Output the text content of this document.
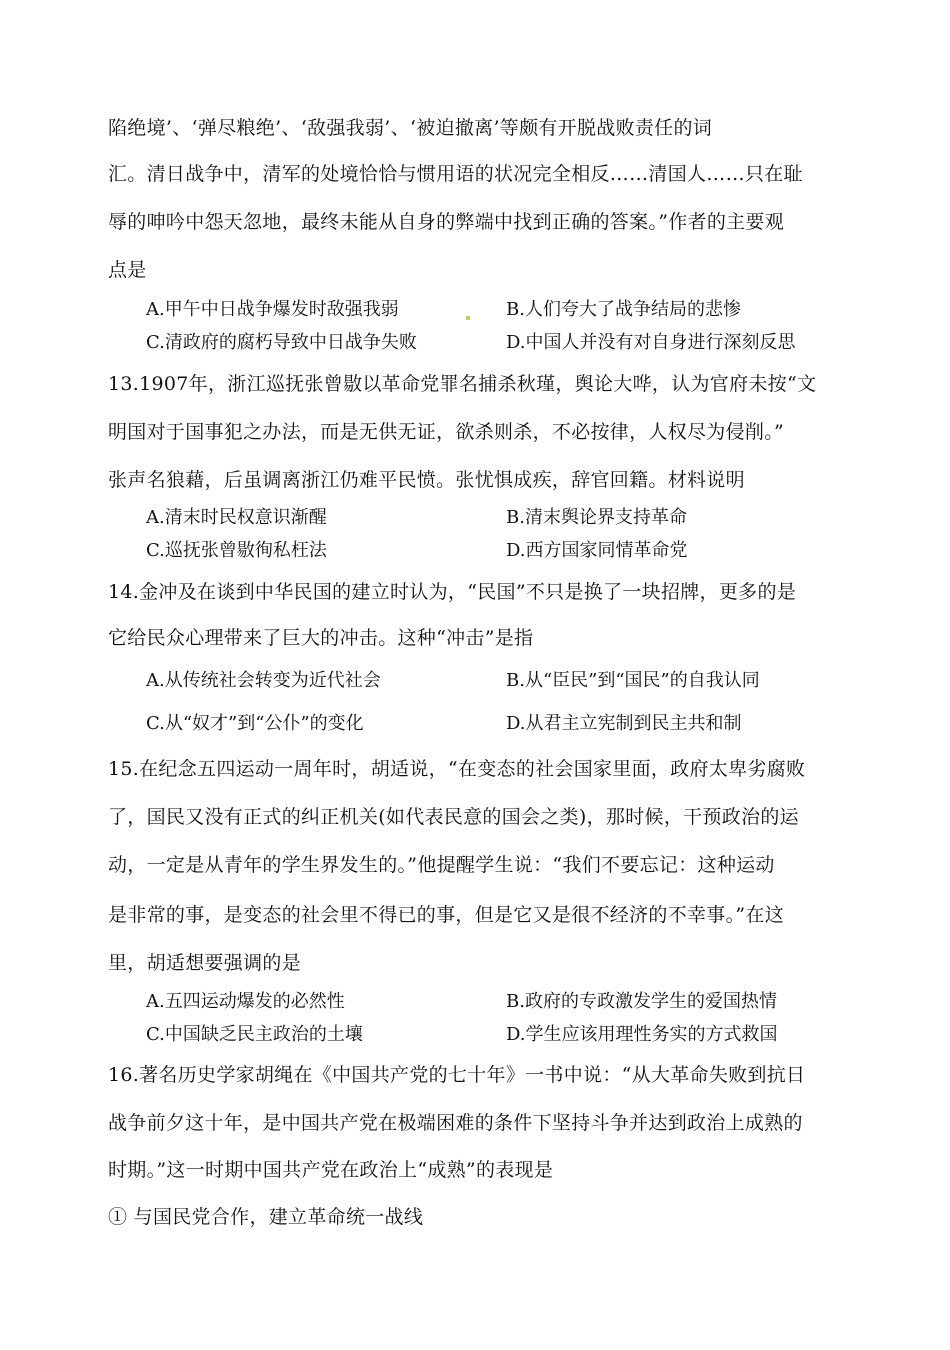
陷绝境’、‘弹尽粮绝’、‘敌强我弱’、‘被迫撤离’等颇有开脱战败责任的词
汇。清日战争中，清军的处境恰恰与惯用语的状况完全相反……清国人……只在耻
辱的呻吟中怨天忽地，最终未能从自身的弊端中找到正确的答案。”作者的主要观
点是
A.甲午中日战争爆发时敌强我弱	B.人们夸大了战争结局的悲惨
C.清政府的腐朽导致中日战争失败	D.中国人并没有对自身进行深刻反思
13.1907年，浙江巡抚张曾敭以革命党罪名捕杀秋瑾，舆论大哗，认为官府未按“文
明国对于国事犯之办法，而是无供无证，欲杀则杀，不必按律，人权尽为侵削。”
张声名狼藉，后虽调离浙江仍难平民愤。张忧惧成疾，辞官回籍。材料说明
A.清末时民权意识渐醒	B.清末舆论界支持革命
C.巡抚张曾敭徇私枉法	D.西方国家同情革命党
14.金冲及在谈到中华民国的建立时认为，“民国”不只是换了一块招牌，更多的是
它给民众心理带来了巨大的冲击。这种“冲击”是指
A.从传统社会转变为近代社会	B.从“臣民”到“国民”的自我认同
C.从“奴才”到“公仆”的变化	D.从君主立宪制到民主共和制
15.在纪念五四运动一周年时，胡适说，“在变态的社会国家里面，政府太卑劣腐败
了，国民又没有正式的纠正机关(如代表民意的国会之类)，那时候，干预政治的运
动，一定是从青年的学生界发生的。”他提醒学生说：“我们不要忘记：这种运动
是非常的事，是变态的社会里不得已的事，但是它又是很不经济的不幸事。”在这
里，胡适想要强调的是
A.五四运动爆发的必然性	B.政府的专政激发学生的爱国热情
C.中国缺乏民主政治的土壤	D.学生应该用理性务实的方式救国
16.著名历史学家胡绳在《中国共产党的七十年》一书中说：“从大革命失败到抗日
战争前夕这十年，是中国共产党在极端困难的条件下坚持斗争并达到政治上成熟的
时期。”这一时期中国共产党在政治上“成熟”的表现是
① 与国民党合作，建立革命统一战线
